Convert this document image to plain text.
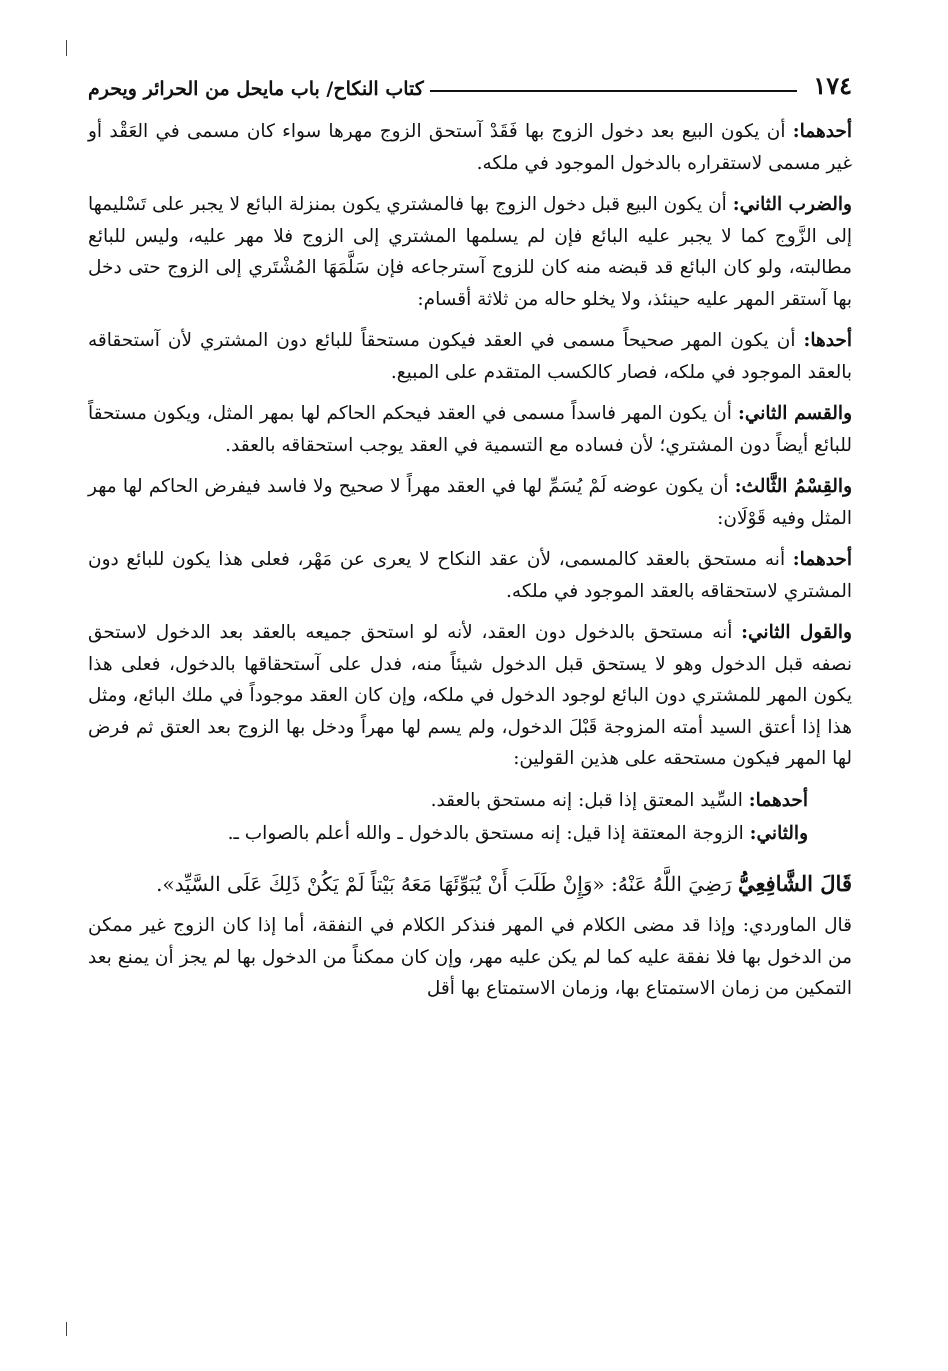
١٧٤
كتاب النكاح/ باب مايحل من الحرائر ويحرم

أحدهما: أن يكون البيع بعد دخول الزوج بها فَقَدْ آستحق الزوج مهرها سواء كان مسمى في العَقْد أو غير مسمى لاستقراره بالدخول الموجود في ملكه.

والضرب الثاني: أن يكون البيع قبل دخول الزوج بها فالمشتري يكون بمنزلة البائع لا يجبر على تَسْليمها إلى الزَّوج كما لا يجبر عليه البائع فإن لم يسلمها المشتري إلى الزوج فلا مهر عليه، وليس للبائع مطالبته، ولو كان البائع قد قبضه منه كان للزوج آسترجاعه فإن سَلَّمَهَا المُشْتَري إلى الزوج حتى دخل بها آستقر المهر عليه حينئذ، ولا يخلو حاله من ثلاثة أقسام:

أحدها: أن يكون المهر صحيحاً مسمى في العقد فيكون مستحقاً للبائع دون المشتري لأن آستحقاقه بالعقد الموجود في ملكه، فصار كالكسب المتقدم على المبيع.

والقسم الثاني: أن يكون المهر فاسداً مسمى في العقد فيحكم الحاكم لها بمهر المثل، ويكون مستحقاً للبائع أيضاً دون المشتري؛ لأن فساده مع التسمية في العقد يوجب استحقاقه بالعقد.

والقِسْمُ الثَّالث: أن يكون عوضه لَمْ يُسَمِّ لها في العقد مهراً لا صحيح ولا فاسد فيفرض الحاكم لها مهر المثل وفيه قَوْلَان:

أحدهما: أنه مستحق بالعقد كالمسمى، لأن عقد النكاح لا يعرى عن مَهْر، فعلى هذا يكون للبائع دون المشتري لاستحقاقه بالعقد الموجود في ملكه.

والقول الثاني: أنه مستحق بالدخول دون العقد، لأنه لو استحق جميعه بالعقد بعد الدخول لاستحق نصفه قبل الدخول وهو لا يستحق قبل الدخول شيئاً منه، فدل على آستحقاقها بالدخول، فعلى هذا يكون المهر للمشتري دون البائع لوجود الدخول في ملكه، وإن كان العقد موجوداً في ملك البائع، ومثل هذا إذا أعتق السيد أمته المزوجة قَبْلَ الدخول، ولم يسم لها مهراً ودخل بها الزوج بعد العتق ثم فرض لها المهر فيكون مستحقه على هذين القولين:

أحدهما: السِّيد المعتق إذا قبل: إنه مستحق بالعقد.

والثاني: الزوجة المعتقة إذا قيل: إنه مستحق بالدخول ـ والله أعلم بالصواب ـ.

قَالَ الشَّافِعِيُّ رَضِيَ اللَّهُ عَنْهُ: «وَإِنْ طَلَبَ أَنْ يُبَوِّئَهَا مَعَهُ بَيْتاً لَمْ يَكُنْ ذَلِكَ عَلَى السَّيِّد».

قال الماوردي: وإذا قد مضى الكلام في المهر فنذكر الكلام في النفقة، أما إذا كان الزوج غير ممكن من الدخول بها فلا نفقة عليه كما لم يكن عليه مهر، وإن كان ممكناً من الدخول بها لم يجز أن يمنع بعد التمكين من زمان الاستمتاع بها، وزمان الاستمتاع بها أقل
